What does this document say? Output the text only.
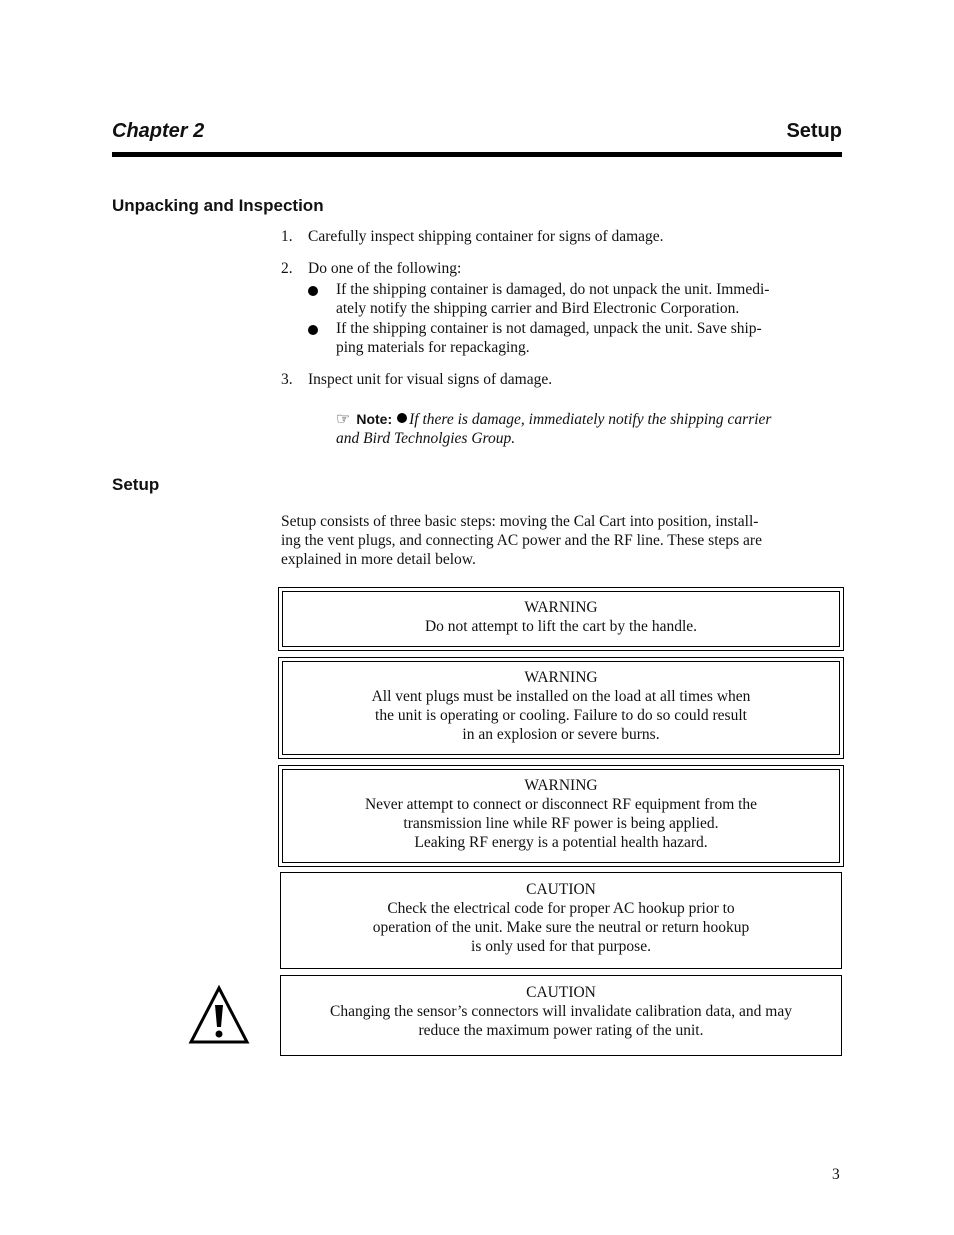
Chapter 2	Setup
Unpacking and Inspection
1. Carefully inspect shipping container for signs of damage.
2. Do one of the following:
If the shipping container is damaged, do not unpack the unit. Immedi-
ately notify the shipping carrier and Bird Electronic Corporation.
If the shipping container is not damaged, unpack the unit. Save ship-
ping materials for repackaging.
3. Inspect unit for visual signs of damage.
☞ Note: If there is damage, immediately notify the shipping carrier
and Bird Technolgies Group.
Setup
Setup consists of three basic steps: moving the Cal Cart into position, install-
ing the vent plugs, and connecting AC power and the RF line. These steps are
explained in more detail below.
WARNING
Do not attempt to lift the cart by the handle.
WARNING
All vent plugs must be installed on the load at all times when
the unit is operating or cooling. Failure to do so could result
in an explosion or severe burns.
WARNING
Never attempt to connect or disconnect RF equipment from the
transmission line while RF power is being applied.
Leaking RF energy is a potential health hazard.
CAUTION
Check the electrical code for proper AC hookup prior to
operation of the unit. Make sure the neutral or return hookup
is only used for that purpose.
CAUTION
Changing the sensor’s connectors will invalidate calibration data, and may
reduce the maximum power rating of the unit.
3
